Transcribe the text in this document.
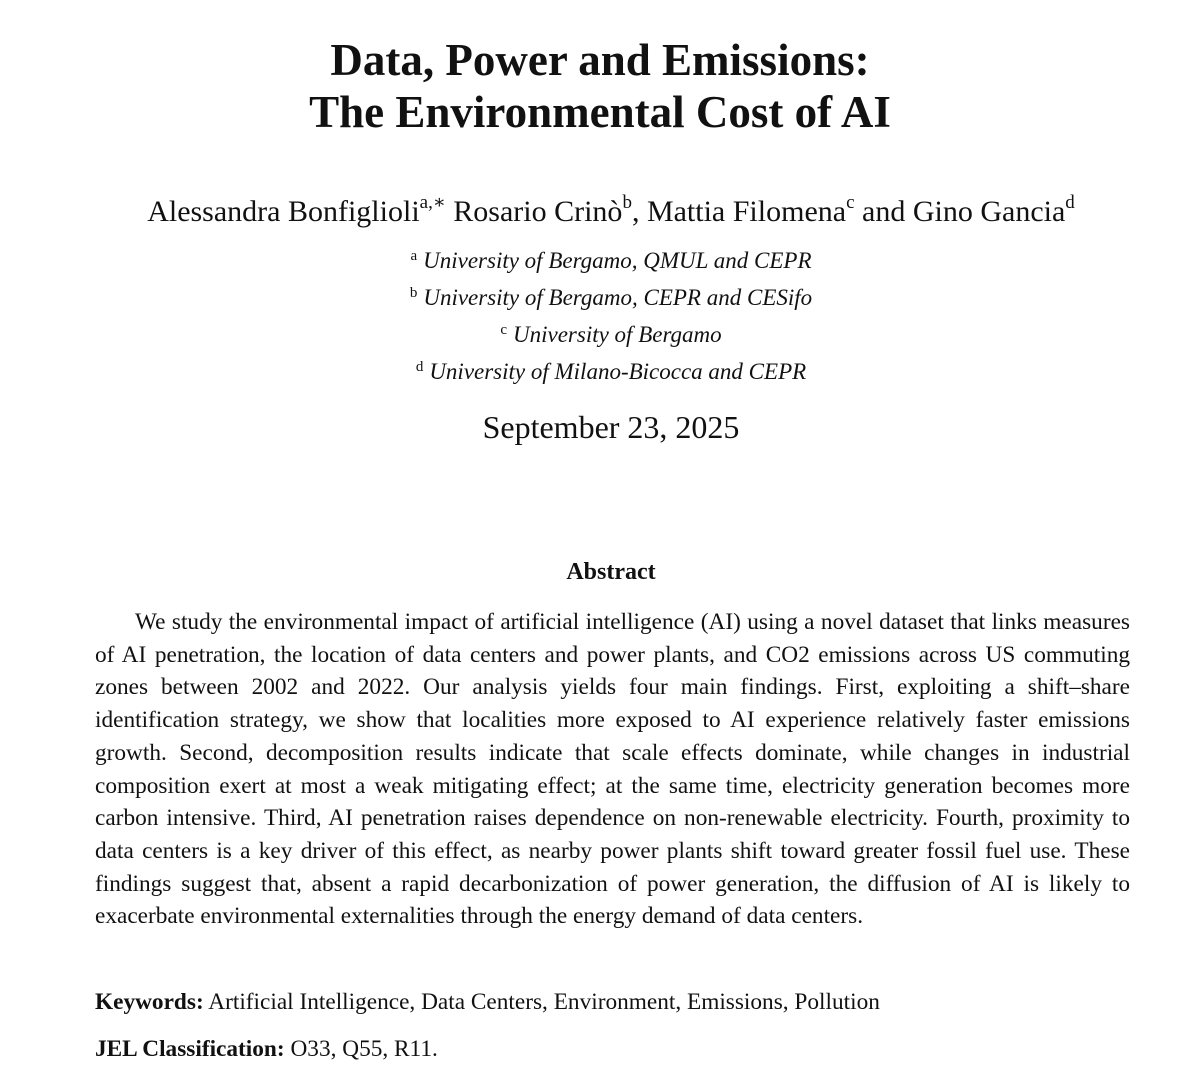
Data, Power and Emissions:
The Environmental Cost of AI
Alessandra Bonfiglioli$^{a,∗}$ Rosario Crinò$^b$, Mattia Filomena$^c$ and Gino Gancia$^d$
$^a$ University of Bergamo, QMUL and CEPR
$^b$ University of Bergamo, CEPR and CESifo
$^c$ University of Bergamo
$^d$ University of Milano-Bicocca and CEPR
September 23, 2025
Abstract

We study the environmental impact of artificial intelligence (AI) using a novel dataset that links measures of AI penetration, the location of data centers and power plants, and CO2 emissions across US commuting zones between 2002 and 2022. Our analysis yields four main findings. First, exploiting a shift–share identification strategy, we show that localities more exposed to AI experience relatively faster emissions growth. Second, decomposition results indicate that scale effects dominate, while changes in industrial composition exert at most a weak mitigating effect; at the same time, electricity generation becomes more carbon intensive. Third, AI penetration raises dependence on non-renewable electricity. Fourth, proximity to data centers is a key driver of this effect, as nearby power plants shift toward greater fossil fuel use. These findings suggest that, absent a rapid decarbonization of power generation, the diffusion of AI is likely to exacerbate environmental externalities through the energy demand of data centers.

Keywords: Artificial Intelligence, Data Centers, Environment, Emissions, Pollution
JEL Classification: O33, Q55, R11.
